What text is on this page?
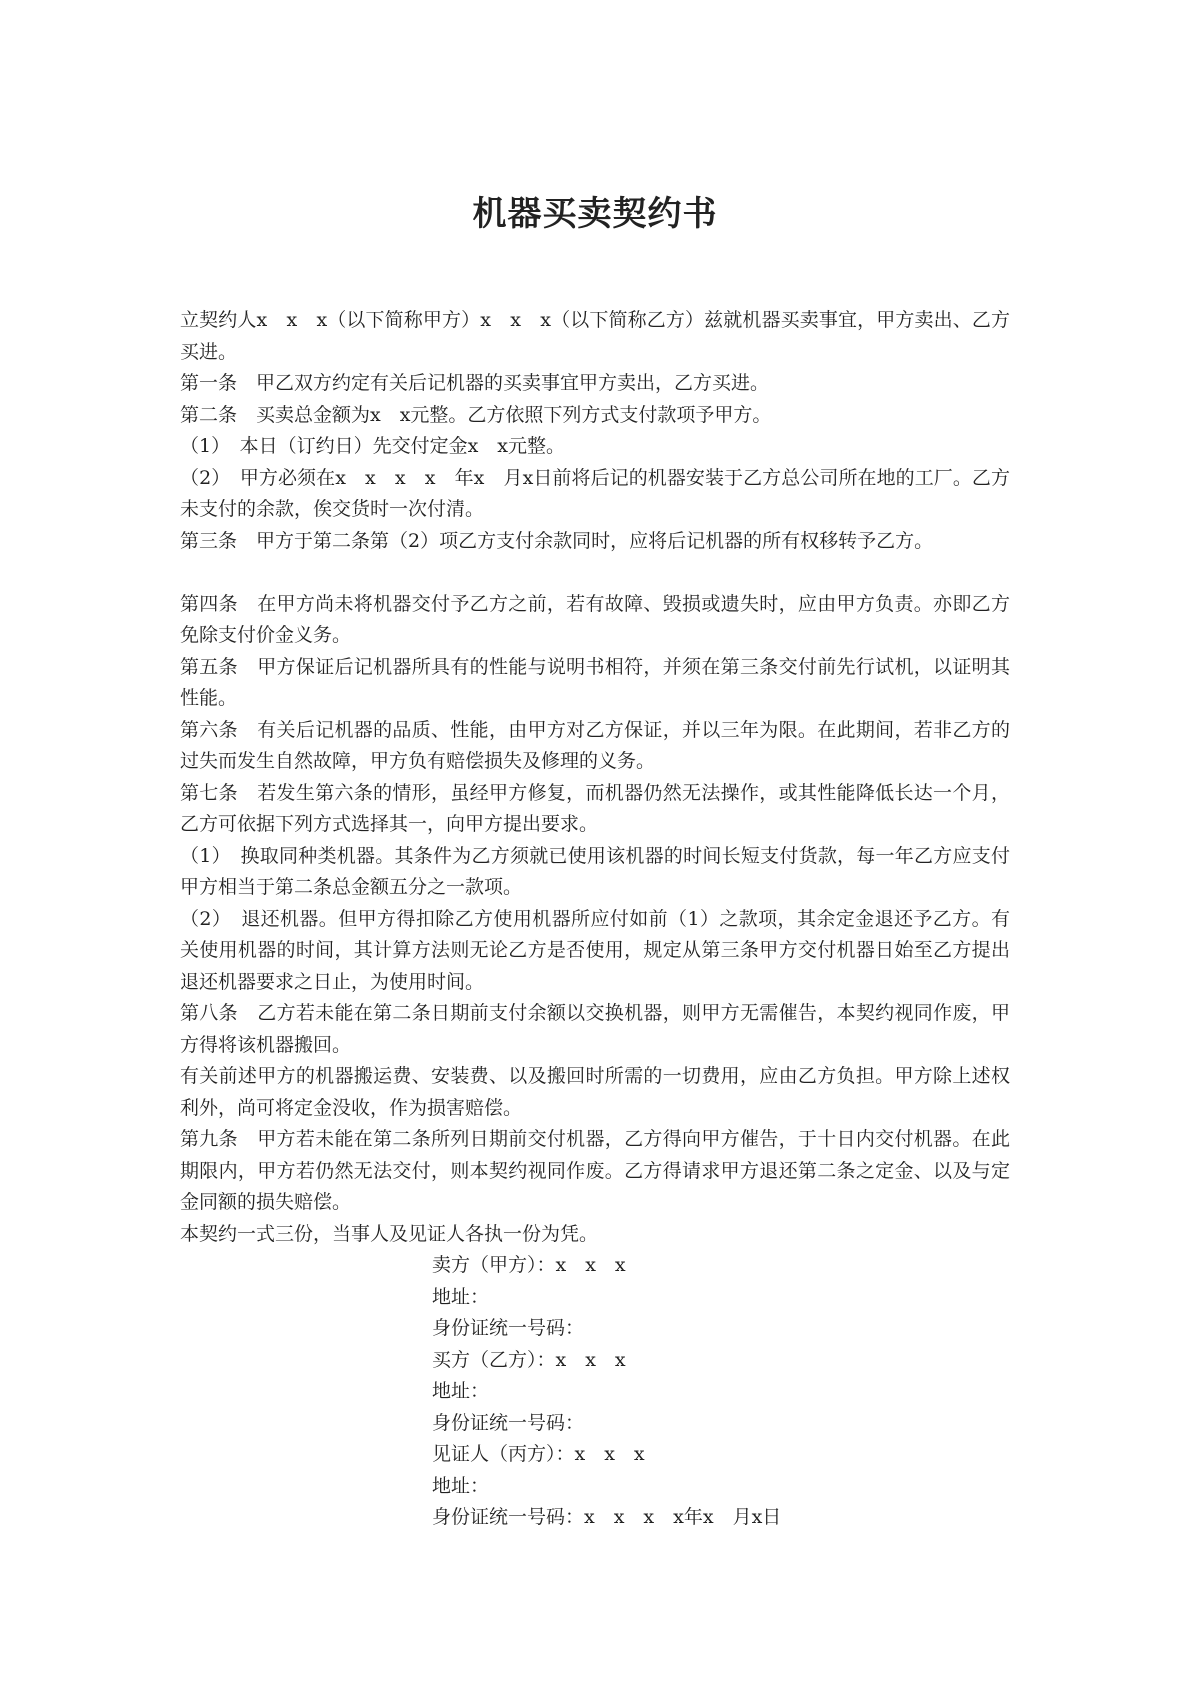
机器买卖契约书

立契约人x　x　x（以下简称甲方）x　x　x（以下简称乙方）兹就机器买卖事宜，甲方卖出、乙方买进。

第一条　甲乙双方约定有关后记机器的买卖事宜甲方卖出，乙方买进。

第二条　买卖总金额为x　x元整。乙方依照下列方式支付款项予甲方。

（1）　本日（订约日）先交付定金x　x元整。

（2）　甲方必须在x　x　x　x　年x　月x日前将后记的机器安装于乙方总公司所在地的工厂。乙方未支付的余款，俟交货时一次付清。

第三条　甲方于第二条第（2）项乙方支付余款同时，应将后记机器的所有权移转予乙方。

第四条　在甲方尚未将机器交付予乙方之前，若有故障、毁损或遗失时，应由甲方负责。亦即乙方免除支付价金义务。

第五条　甲方保证后记机器所具有的性能与说明书相符，并须在第三条交付前先行试机，以证明其性能。

第六条　有关后记机器的品质、性能，由甲方对乙方保证，并以三年为限。在此期间，若非乙方的过失而发生自然故障，甲方负有赔偿损失及修理的义务。

第七条　若发生第六条的情形，虽经甲方修复，而机器仍然无法操作，或其性能降低长达一个月，乙方可依据下列方式选择其一，向甲方提出要求。

（1）　换取同种类机器。其条件为乙方须就已使用该机器的时间长短支付货款，每一年乙方应支付甲方相当于第二条总金额五分之一款项。

（2）　退还机器。但甲方得扣除乙方使用机器所应付如前（1）之款项，其余定金退还予乙方。有关使用机器的时间，其计算方法则无论乙方是否使用，规定从第三条甲方交付机器日始至乙方提出退还机器要求之日止，为使用时间。

第八条　乙方若未能在第二条日期前支付余额以交换机器，则甲方无需催告，本契约视同作废，甲方得将该机器搬回。

有关前述甲方的机器搬运费、安装费、以及搬回时所需的一切费用，应由乙方负担。甲方除上述权利外，尚可将定金没收，作为损害赔偿。

第九条　甲方若未能在第二条所列日期前交付机器，乙方得向甲方催告，于十日内交付机器。在此期限内，甲方若仍然无法交付，则本契约视同作废。乙方得请求甲方退还第二条之定金、以及与定金同额的损失赔偿。

本契约一式三份，当事人及见证人各执一份为凭。

卖方（甲方）：x　x　x

地址：

身份证统一号码：

买方（乙方）：x　x　x

地址：

身份证统一号码：

见证人（丙方）：x　x　x

地址：

身份证统一号码：x　x　x　x年x　月x日
